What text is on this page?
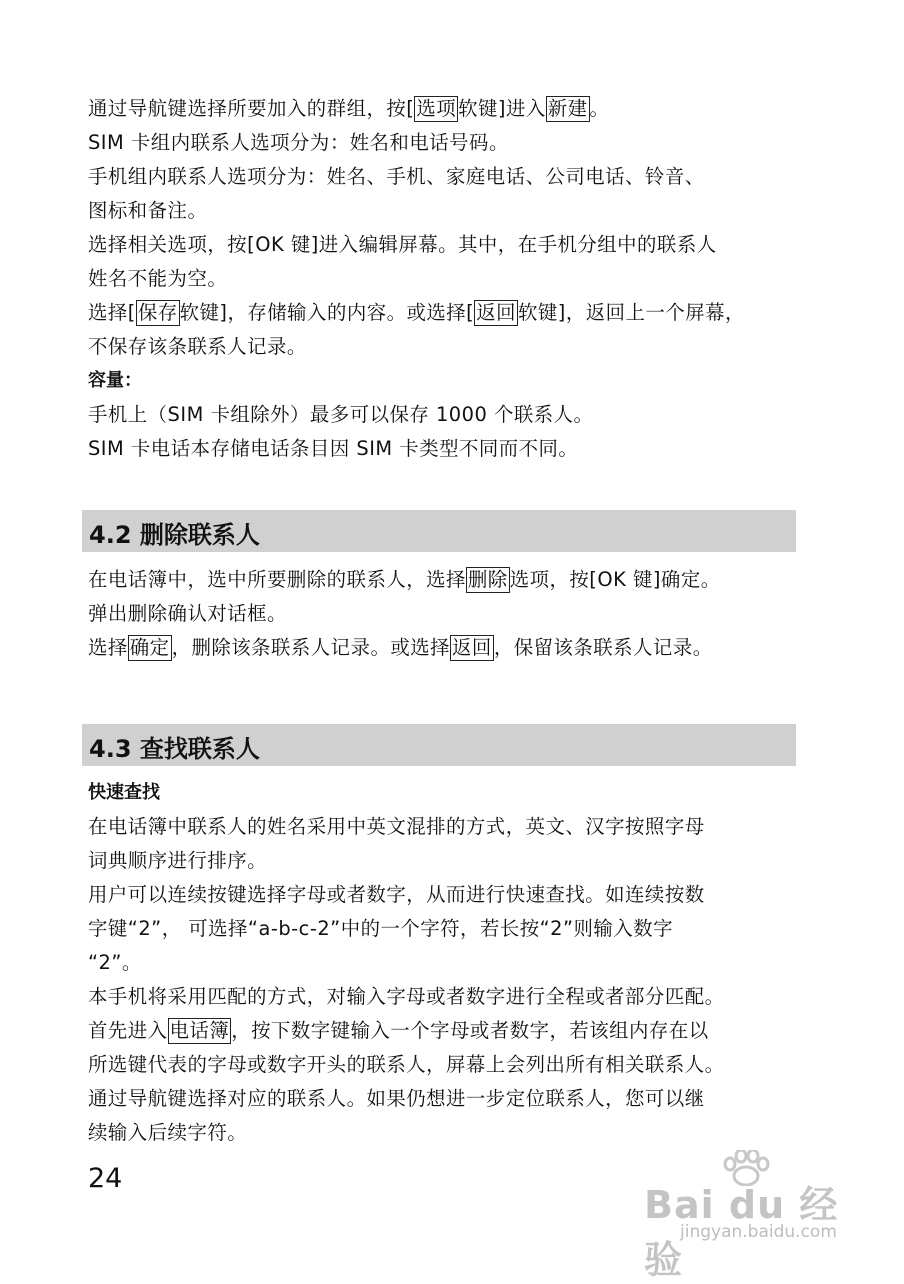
通过导航键选择所要加入的群组，按[ 选项 软键]进入 新建 。

SIM 卡组内联系人选项分为：姓名和电话号码。

手机组内联系人选项分为：姓名、手机、家庭电话、公司电话、铃音、

图标和备注。

选择相关选项，按[OK 键]进入编辑屏幕。其中，在手机分组中的联系人

姓名不能为空。

选择[ 保存 软键]，存储输入的内容。或选择[ 返回 软键]，返回上一个屏幕，

不保存该条联系人记录。

容量：

手机上（SIM 卡组除外）最多可以保存 1000 个联系人。

SIM 卡电话本存储电话条目因 SIM 卡类型不同而不同。

4.2 删除联系人

在电话簿中，选中所要删除的联系人，选择 删除 选项，按[OK 键]确定。

弹出删除确认对话框。

选择 确定 ，删除该条联系人记录。或选择 返回 ，保留该条联系人记录。

4.3 查找联系人

快速查找

在电话簿中联系人的姓名采用中英文混排的方式，英文、汉字按照字母

词典顺序进行排序。

用户可以连续按键选择字母或者数字，从而进行快速查找。如连续按数

字键“2”， 可选择“a-b-c-2”中的一个字符，若长按“2”则输入数字

“2”。

本手机将采用匹配的方式，对输入字母或者数字进行全程或者部分匹配。

首先进入 电话簿 ，按下数字键输入一个字母或者数字，若该组内存在以

所选键代表的字母或数字开头的联系人，屏幕上会列出所有相关联系人。

通过导航键选择对应的联系人。如果仍想进一步定位联系人，您可以继

续输入后续字符。

24
Bai du 经验
jingyan.baidu.com
